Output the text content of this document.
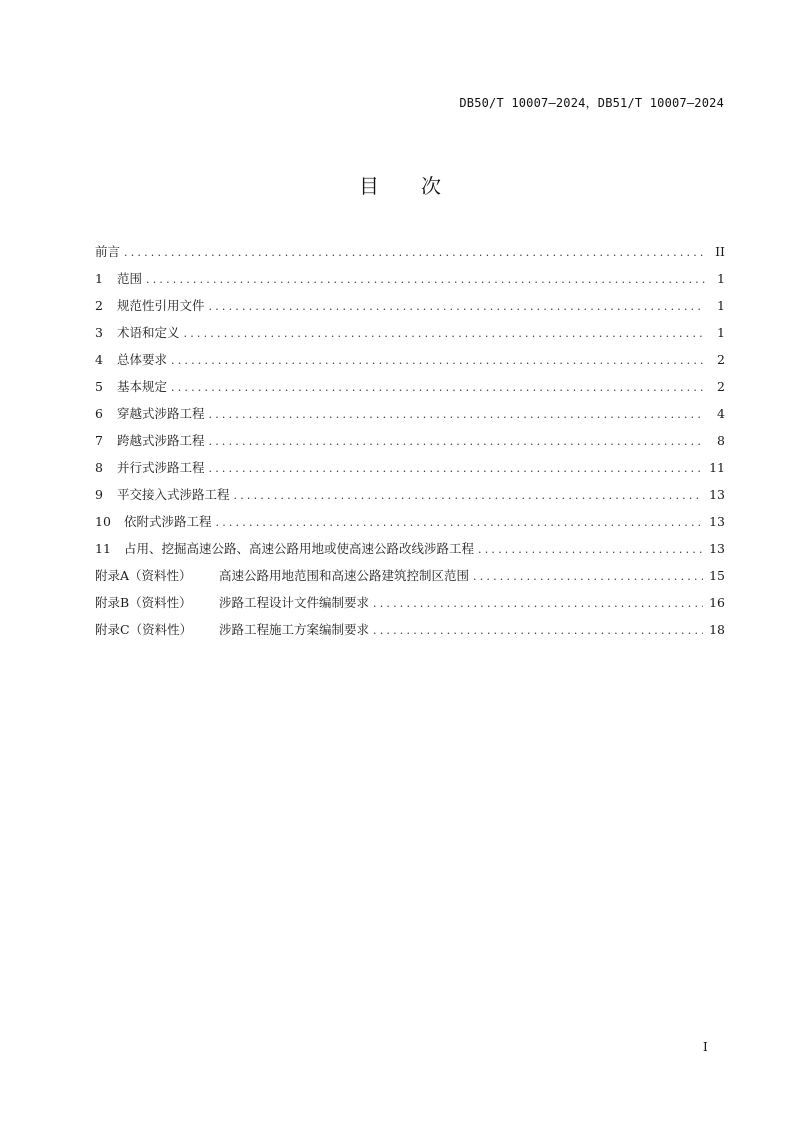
DB50/T 10007—2024，DB51/T 10007—2024
目 次
前言 .....	II
1	范围 .....	1
2	规范性引用文件 .....	1
3	术语和定义 .....	1
4	总体要求 .....	2
5	基本规定 .....	2
6	穿越式涉路工程 .....	4
7	跨越式涉路工程 .....	8
8	并行式涉路工程 .....	11
9	平交接入式涉路工程 .....	13
10	依附式涉路工程 .....	13
11	占用、挖掘高速公路、高速公路用地或使高速公路改线涉路工程 .....	13
附录A（资料性）	高速公路用地范围和高速公路建筑控制区范围 .....	15
附录B（资料性）	涉路工程设计文件编制要求 .....	16
附录C（资料性）	涉路工程施工方案编制要求 .....	18
I
